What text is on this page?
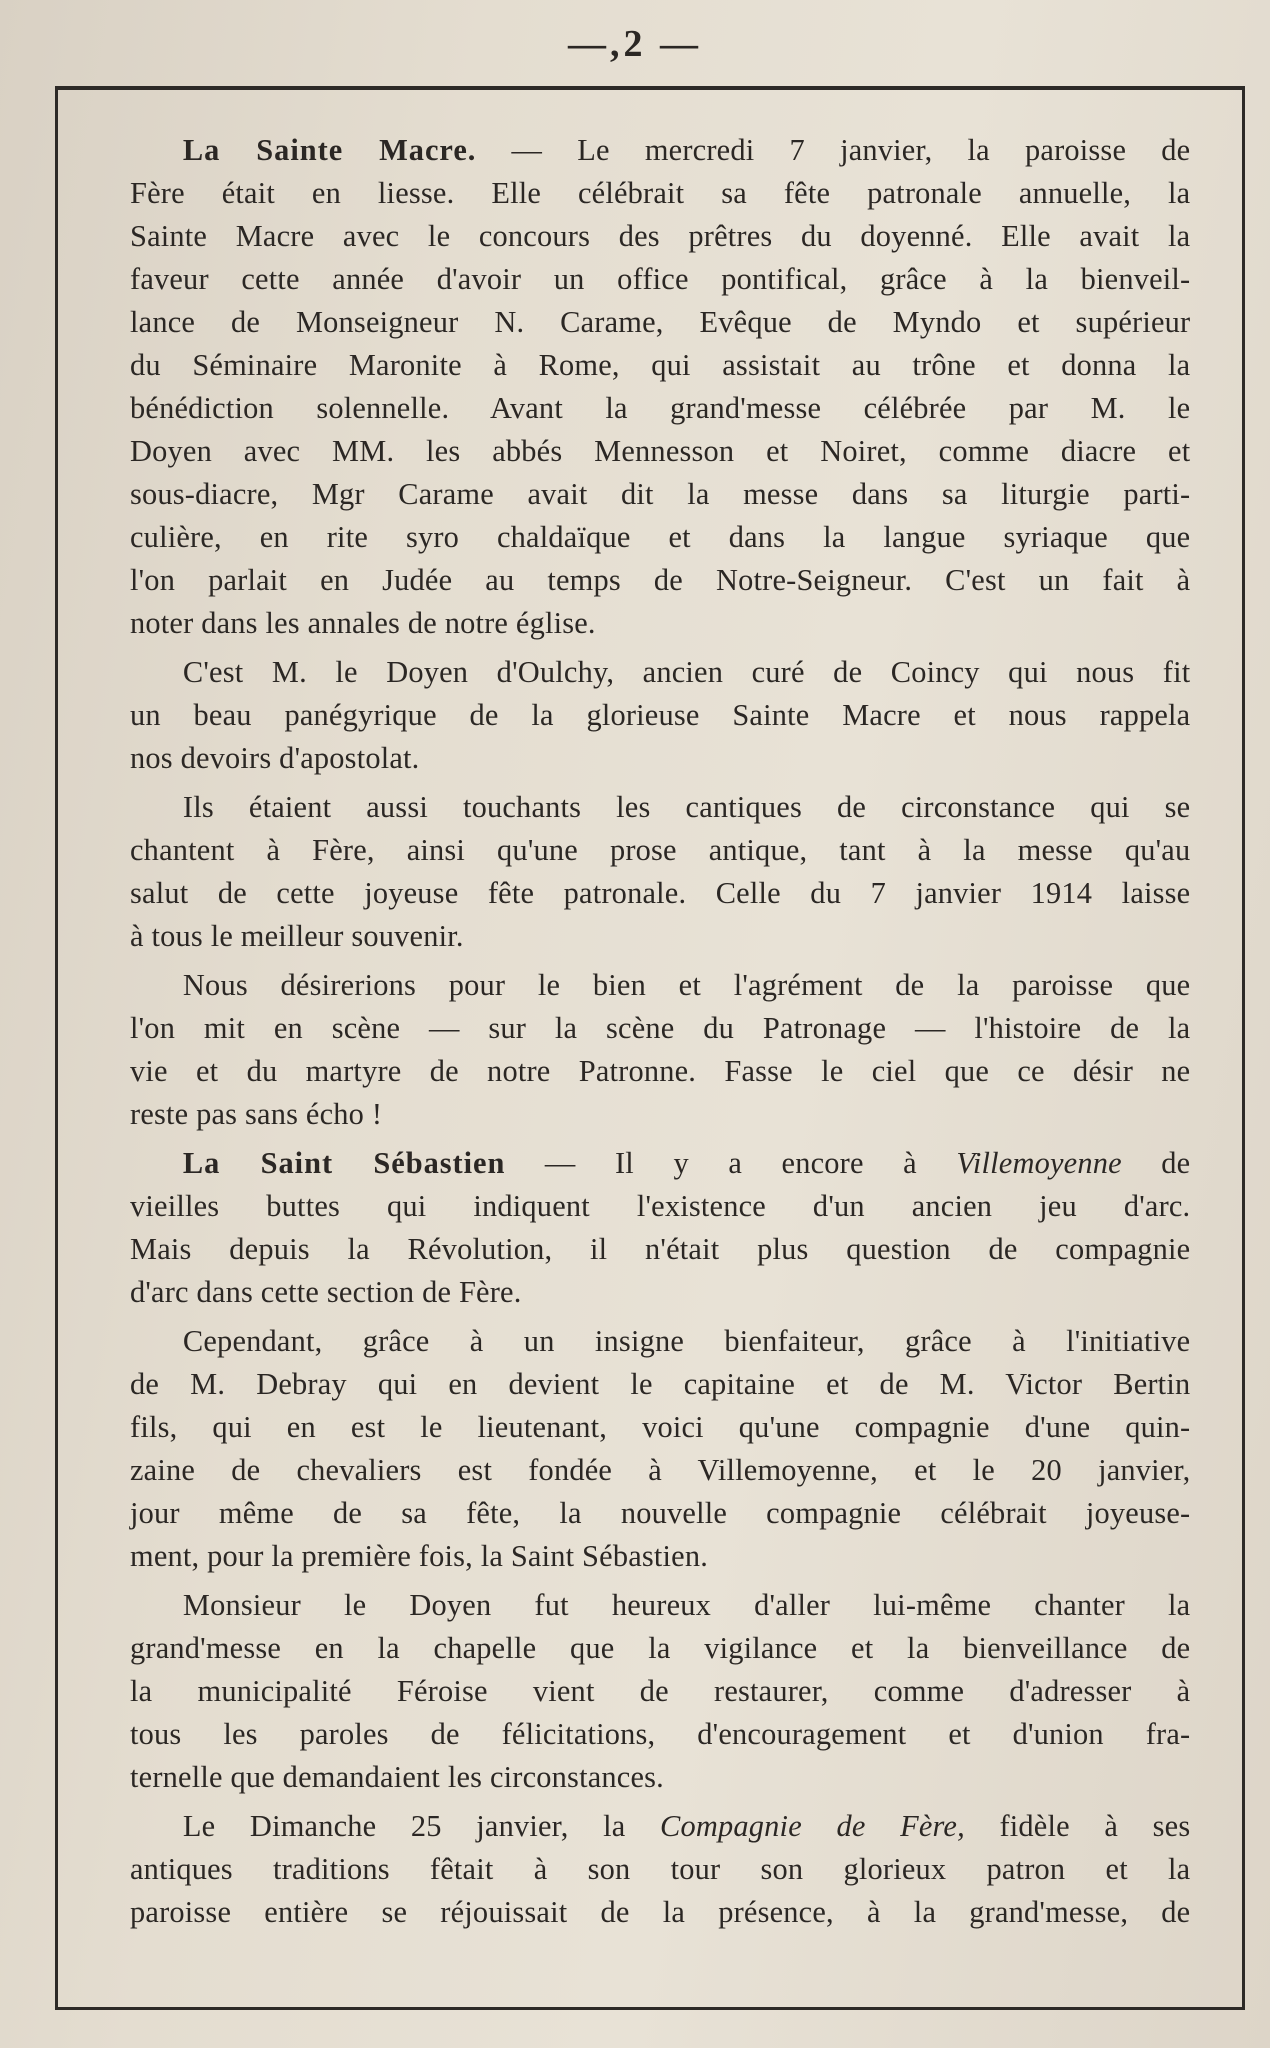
—,2 —
La Sainte Macre. — Le mercredi 7 janvier, la paroisse de
Fère était en liesse. Elle célébrait sa fête patronale annuelle, la
Sainte Macre avec le concours des prêtres du doyenné. Elle avait la
faveur cette année d'avoir un office pontifical, grâce à la bienveil-
lance de Monseigneur N. Carame, Evêque de Myndo et supérieur
du Séminaire Maronite à Rome, qui assistait au trône et donna la
bénédiction solennelle. Avant la grand'messe célébrée par M. le
Doyen avec MM. les abbés Mennesson et Noiret, comme diacre et
sous-diacre, Mgr Carame avait dit la messe dans sa liturgie parti-
culière, en rite syro chaldaïque et dans la langue syriaque que
l'on parlait en Judée au temps de Notre-Seigneur. C'est un fait à
noter dans les annales de notre église.
C'est M. le Doyen d'Oulchy, ancien curé de Coincy qui nous fit
un beau panégyrique de la glorieuse Sainte Macre et nous rappela
nos devoirs d'apostolat.
Ils étaient aussi touchants les cantiques de circonstance qui se
chantent à Fère, ainsi qu'une prose antique, tant à la messe qu'au
salut de cette joyeuse fête patronale. Celle du 7 janvier 1914 laisse
à tous le meilleur souvenir.
Nous désirerions pour le bien et l'agrément de la paroisse que
l'on mit en scène — sur la scène du Patronage — l'histoire de la
vie et du martyre de notre Patronne. Fasse le ciel que ce désir ne
reste pas sans écho !
La Saint Sébastien — Il y a encore à Villemoyenne de
vieilles buttes qui indiquent l'existence d'un ancien jeu d'arc.
Mais depuis la Révolution, il n'était plus question de compagnie
d'arc dans cette section de Fère.
Cependant, grâce à un insigne bienfaiteur, grâce à l'initiative
de M. Debray qui en devient le capitaine et de M. Victor Bertin
fils, qui en est le lieutenant, voici qu'une compagnie d'une quin-
zaine de chevaliers est fondée à Villemoyenne, et le 20 janvier,
jour même de sa fête, la nouvelle compagnie célébrait joyeuse-
ment, pour la première fois, la Saint Sébastien.
Monsieur le Doyen fut heureux d'aller lui-même chanter la
grand'messe en la chapelle que la vigilance et la bienveillance de
la municipalité Féroise vient de restaurer, comme d'adresser à
tous les paroles de félicitations, d'encouragement et d'union fra-
ternelle que demandaient les circonstances.
Le Dimanche 25 janvier, la Compagnie de Fère, fidèle à ses
antiques traditions fêtait à son tour son glorieux patron et la
paroisse entière se réjouissait de la présence, à la grand'messe, de
